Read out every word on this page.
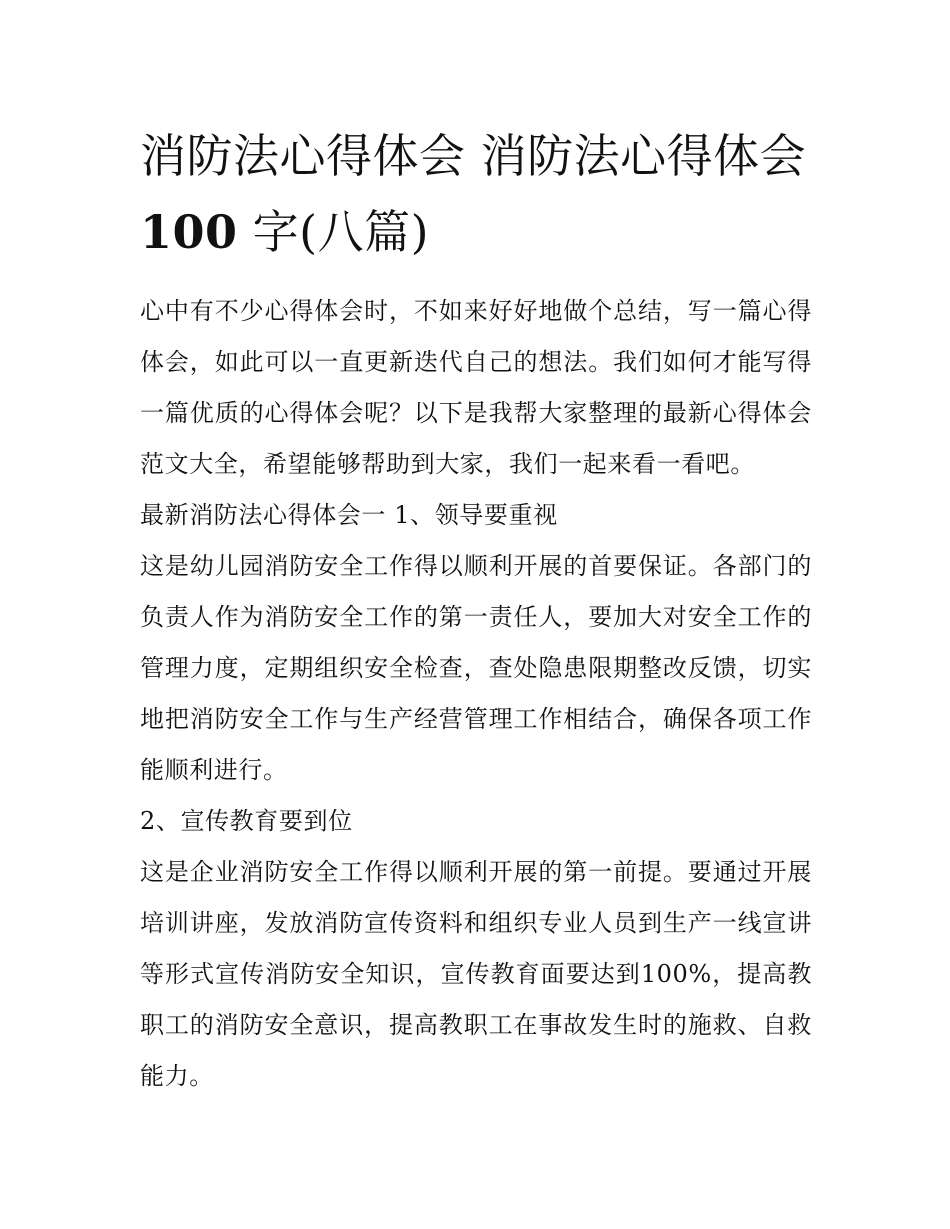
消防法心得体会 消防法心得体会100 字(八篇)

心中有不少心得体会时，不如来好好地做个总结，写一篇心得体会，如此可以一直更新迭代自己的想法。我们如何才能写得一篇优质的心得体会呢？以下是我帮大家整理的最新心得体会范文大全，希望能够帮助到大家，我们一起来看一看吧。

最新消防法心得体会一 1、领导要重视

这是幼儿园消防安全工作得以顺利开展的首要保证。各部门的负责人作为消防安全工作的第一责任人，要加大对安全工作的管理力度，定期组织安全检查，查处隐患限期整改反馈，切实地把消防安全工作与生产经营管理工作相结合，确保各项工作能顺利进行。

2、宣传教育要到位

这是企业消防安全工作得以顺利开展的第一前提。要通过开展培训讲座，发放消防宣传资料和组织专业人员到生产一线宣讲等形式宣传消防安全知识，宣传教育面要达到100%，提高教职工的消防安全意识，提高教职工在事故发生时的施救、自救能力。
